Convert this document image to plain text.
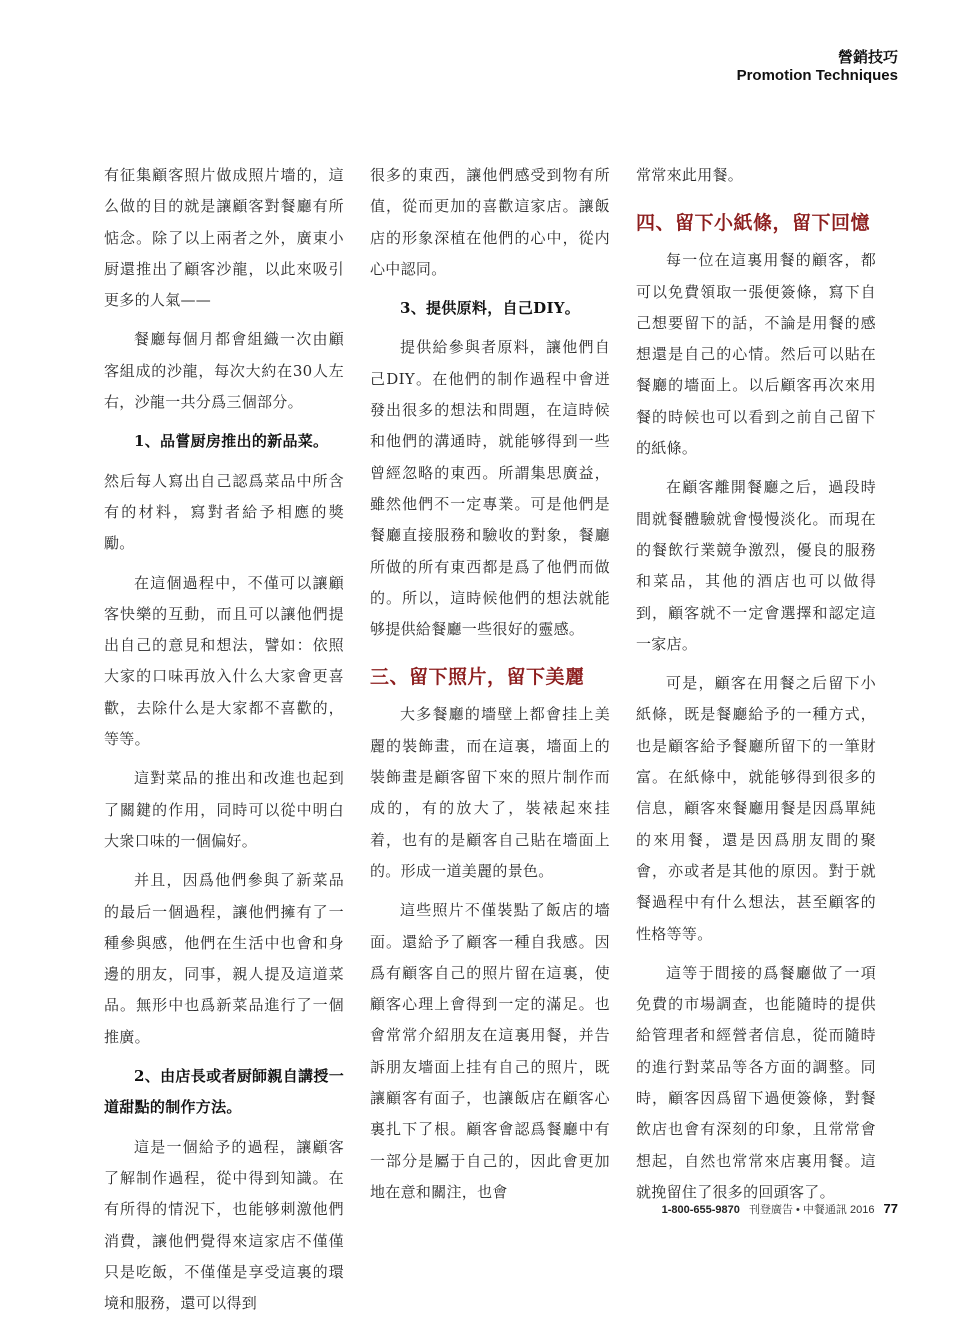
營銷技巧
Promotion Techniques

有征集顧客照片做成照片墻的，這么做的目的就是讓顧客對餐廳有所惦念。除了以上兩者之外，廣東小厨還推出了顧客沙龍，以此來吸引更多的人氣——

餐廳每個月都會組織一次由顧客組成的沙龍，每次大約在30人左右，沙龍一共分爲三個部分。

1、品嘗厨房推出的新品菜。

然后每人寫出自己認爲菜品中所含有的材料，寫對者給予相應的獎勵。

在這個過程中，不僅可以讓顧客快樂的互動，而且可以讓他們提出自己的意見和想法，譬如：依照大家的口味再放入什么大家會更喜歡，去除什么是大家都不喜歡的，等等。

這對菜品的推出和改進也起到了關鍵的作用，同時可以從中明白大衆口味的一個偏好。

并且，因爲他們參與了新菜品的最后一個過程，讓他們擁有了一種參與感，他們在生活中也會和身邊的朋友，同事，親人提及這道菜品。無形中也爲新菜品進行了一個推廣。

2、由店長或者厨師親自講授一道甜點的制作方法。

這是一個給予的過程，讓顧客了解制作過程，從中得到知識。在有所得的情況下，也能够刺激他們消費，讓他們覺得來這家店不僅僅只是吃飯，不僅僅是享受這裏的環境和服務，還可以得到

很多的東西，讓他們感受到物有所值，從而更加的喜歡這家店。讓飯店的形象深植在他們的心中，從内心中認同。

3、提供原料，自己DIY。

提供給參與者原料，讓他們自己DIY。在他們的制作過程中會迸發出很多的想法和問題，在這時候和他們的溝通時，就能够得到一些曾經忽略的東西。所謂集思廣益，雖然他們不一定專業。可是他們是餐廳直接服務和驗收的對象，餐廳所做的所有東西都是爲了他們而做的。所以，這時候他們的想法就能够提供給餐廳一些很好的靈感。

三、留下照片，留下美麗

大多餐廳的墻壁上都會挂上美麗的裝飾畫，而在這裏，墻面上的裝飾畫是顧客留下來的照片制作而成的，有的放大了，裝裱起來挂着，也有的是顧客自己貼在墻面上的。形成一道美麗的景色。

這些照片不僅裝點了飯店的墻面。還給予了顧客一種自我感。因爲有顧客自己的照片留在這裏，使顧客心理上會得到一定的滿足。也會常常介紹朋友在這裏用餐，并告訴朋友墻面上挂有自己的照片，既讓顧客有面子，也讓飯店在顧客心裏扎下了根。顧客會認爲餐廳中有一部分是屬于自己的，因此會更加地在意和關注，也會

常常來此用餐。

四、留下小紙條，留下回憶

每一位在這裏用餐的顧客，都可以免費領取一張便簽條，寫下自己想要留下的話，不論是用餐的感想還是自己的心情。然后可以貼在餐廳的墻面上。以后顧客再次來用餐的時候也可以看到之前自己留下的紙條。

在顧客離開餐廳之后，過段時間就餐體驗就會慢慢淡化。而現在的餐飲行業競争激烈，優良的服務和菜品，其他的酒店也可以做得到，顧客就不一定會選擇和認定這一家店。

可是，顧客在用餐之后留下小紙條，既是餐廳給予的一種方式，也是顧客給予餐廳所留下的一筆財富。在紙條中，就能够得到很多的信息，顧客來餐廳用餐是因爲單純的來用餐，還是因爲朋友間的聚會，亦或者是其他的原因。對于就餐過程中有什么想法，甚至顧客的性格等等。

這等于間接的爲餐廳做了一項免費的市場調查，也能隨時的提供給管理者和經營者信息，從而隨時的進行對菜品等各方面的調整。同時，顧客因爲留下過便簽條，對餐飲店也會有深刻的印象，且常常會想起，自然也常常來店裏用餐。這就挽留住了很多的回頭客了。

1-800-655-9870 刊登廣告 • 中餐通訊 2016 77
